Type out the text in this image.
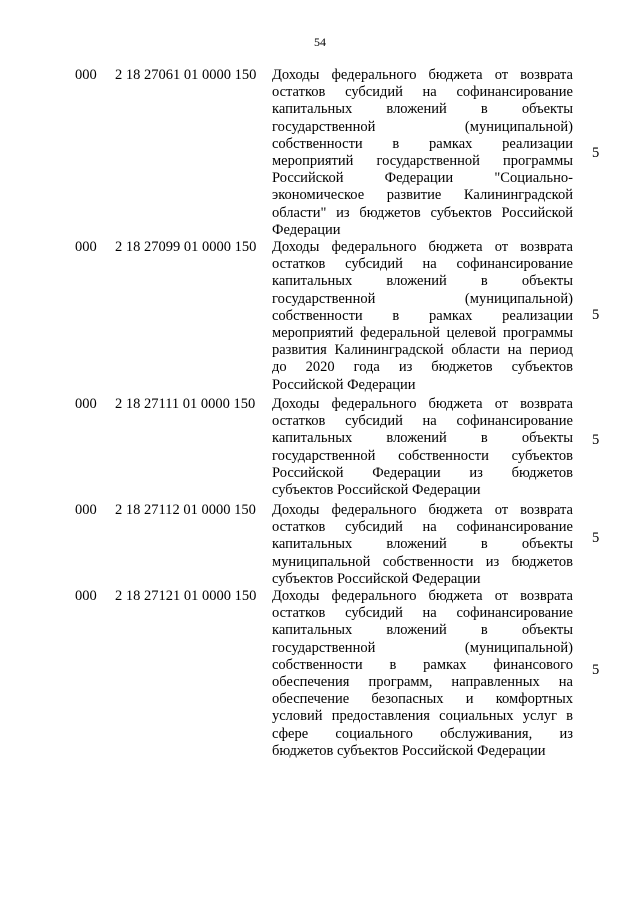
54
000 2 18 27061 01 0000 150 Доходы федерального бюджета от возврата
остатков субсидий на софинансирование
капитальных вложений в объекты
государственной (муниципальной)
собственности в рамках реализации
мероприятий государственной программы
Российской Федерации "Социально-
экономическое развитие Калининградской
области" из бюджетов субъектов Российской
Федерации
5
000 2 18 27099 01 0000 150 Доходы федерального бюджета от возврата
остатков субсидий на софинансирование
капитальных вложений в объекты
государственной (муниципальной)
собственности в рамках реализации
мероприятий федеральной целевой программы
развития Калининградской области на период
до 2020 года из бюджетов субъектов
Российской Федерации
5
000 2 18 27111 01 0000 150 Доходы федерального бюджета от возврата
остатков субсидий на софинансирование
капитальных вложений в объекты
государственной собственности субъектов
Российской Федерации из бюджетов
субъектов Российской Федерации
5
000 2 18 27112 01 0000 150 Доходы федерального бюджета от возврата
остатков субсидий на софинансирование
капитальных вложений в объекты
муниципальной собственности из бюджетов
субъектов Российской Федерации
5
000 2 18 27121 01 0000 150 Доходы федерального бюджета от возврата
остатков субсидий на софинансирование
капитальных вложений в объекты
государственной (муниципальной)
собственности в рамках финансового
обеспечения программ, направленных на
обеспечение безопасных и комфортных
условий предоставления социальных услуг в
сфере социального обслуживания, из
бюджетов субъектов Российской Федерации
5
